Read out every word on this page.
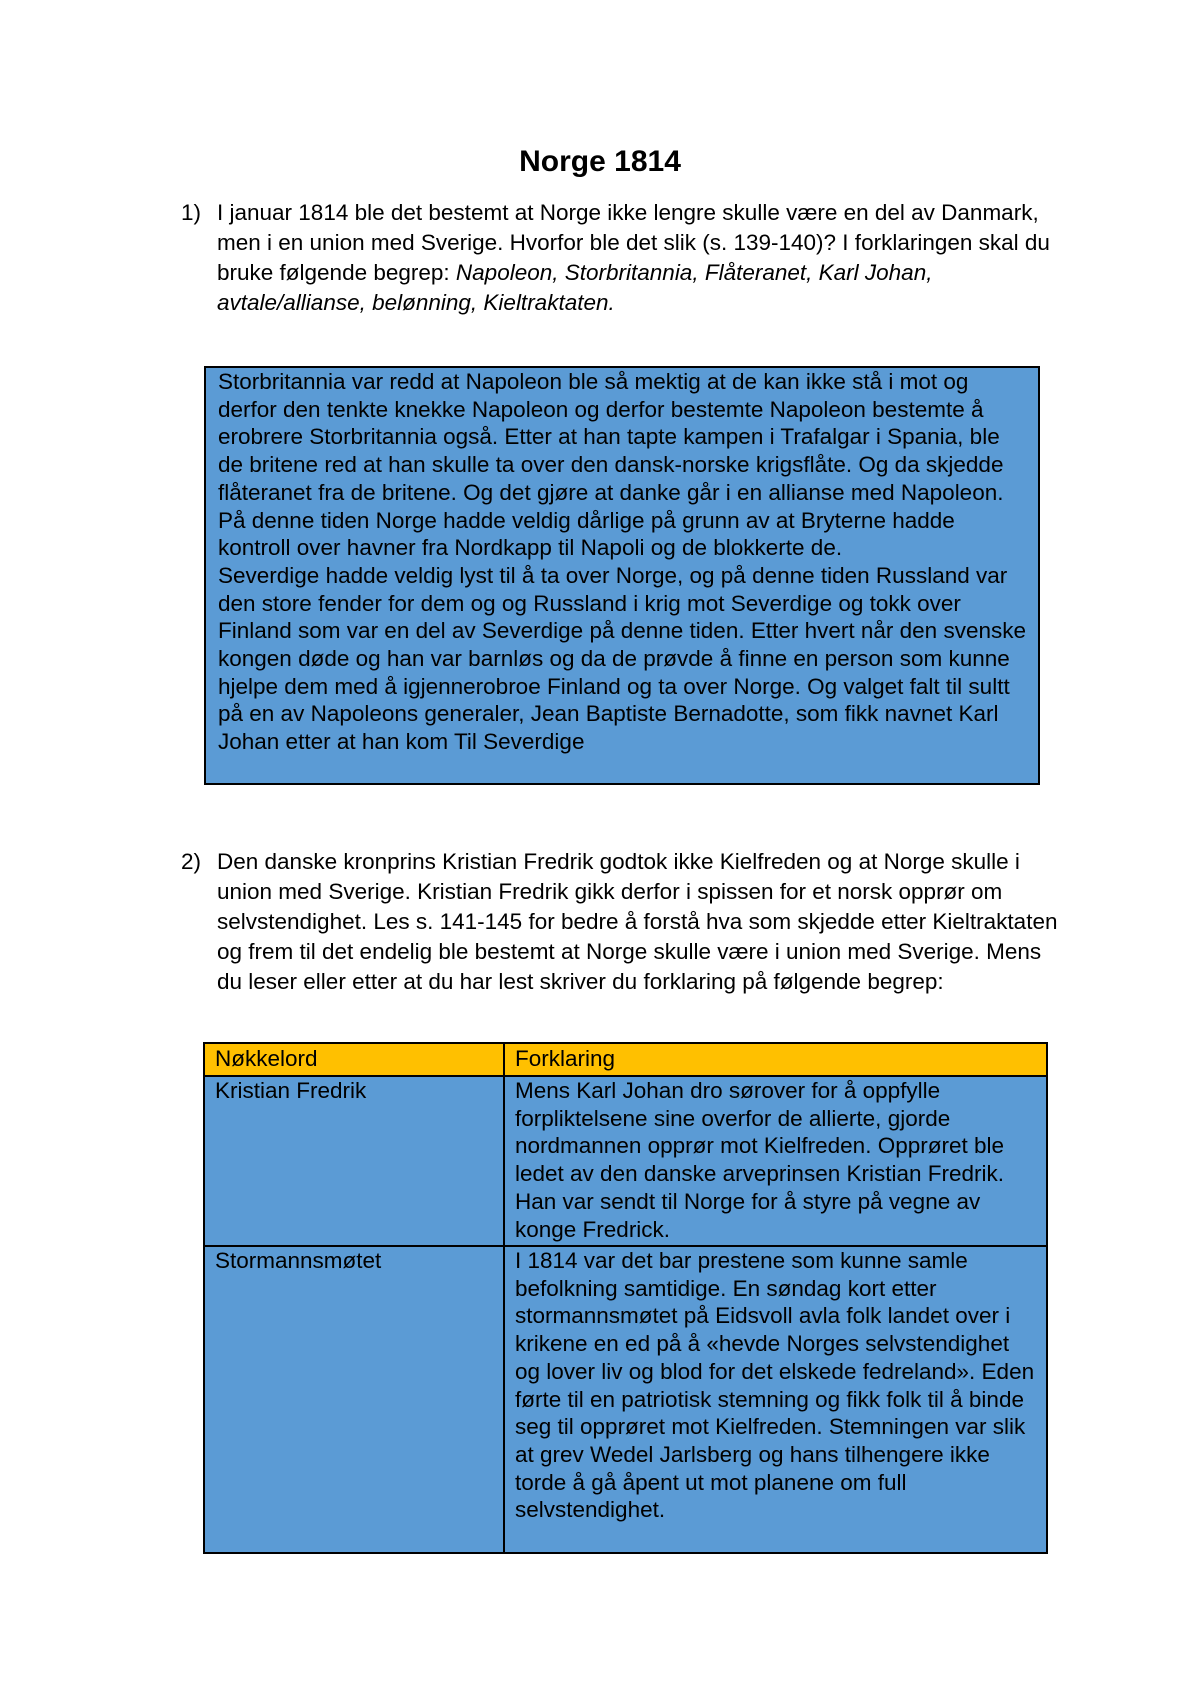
Norge 1814
1) I januar 1814 ble det bestemt at Norge ikke lengre skulle være en del av Danmark, men i en union med Sverige. Hvorfor ble det slik (s. 139-140)? I forklaringen skal du bruke følgende begrep: Napoleon, Storbritannia, Flåteranet, Karl Johan, avtale/allianse, belønning, Kieltraktaten.

Storbritannia var redd at Napoleon ble så mektig at de kan ikke stå i mot og derfor den tenkte knekke Napoleon og derfor bestemte Napoleon bestemte å erobrere Storbritannia også. Etter at han tapte kampen i Trafalgar i Spania, ble de britene red at han skulle ta over den dansk-norske krigsflåte. Og da skjedde flåteranet fra de britene. Og det gjøre at danke går i en allianse med Napoleon.

På denne tiden Norge hadde veldig dårlige på grunn av at Bryterne hadde kontroll over havner fra Nordkapp til Napoli og de blokkerte de.

Severdige hadde veldig lyst til å ta over Norge, og på denne tiden Russland var den store fender for dem og og Russland i krig mot Severdige og tokk over Finland som var en del av Severdige på denne tiden. Etter hvert når den svenske kongen døde og han var barnløs og da de prøvde å finne en person som kunne hjelpe dem med å igjennerobroe Finland og ta over Norge. Og valget falt til sultt på en av Napoleons generaler, Jean Baptiste Bernadotte, som fikk navnet Karl Johan etter at han kom Til Severdige

2) Den danske kronprins Kristian Fredrik godtok ikke Kielfreden og at Norge skulle i union med Sverige. Kristian Fredrik gikk derfor i spissen for et norsk opprør om selvstendighet. Les s. 141-145 for bedre å forstå hva som skjedde etter Kieltraktaten og frem til det endelig ble bestemt at Norge skulle være i union med Sverige. Mens du leser eller etter at du har lest skriver du forklaring på følgende begrep:
Nøkkelord	Forklaring
Kristian Fredrik	Mens Karl Johan dro sørover for å oppfylle forpliktelsene sine overfor de allierte, gjorde nordmannen opprør mot Kielfreden. Opprøret ble ledet av den danske arveprinsen Kristian Fredrik. Han var sendt til Norge for å styre på vegne av konge Fredrick.
Stormannsmøtet	I 1814 var det bar prestene som kunne samle befolkning samtidige. En søndag kort etter stormannsmøtet på Eidsvoll avla folk landet over i krikene en ed på å «hevde Norges selvstendighet og lover liv og blod for det elskede fedreland». Eden førte til en patriotisk stemning og fikk folk til å binde seg til opprøret mot Kielfreden. Stemningen var slik at grev Wedel Jarlsberg og hans tilhengere ikke torde å gå åpent ut mot planene om full selvstendighet.
